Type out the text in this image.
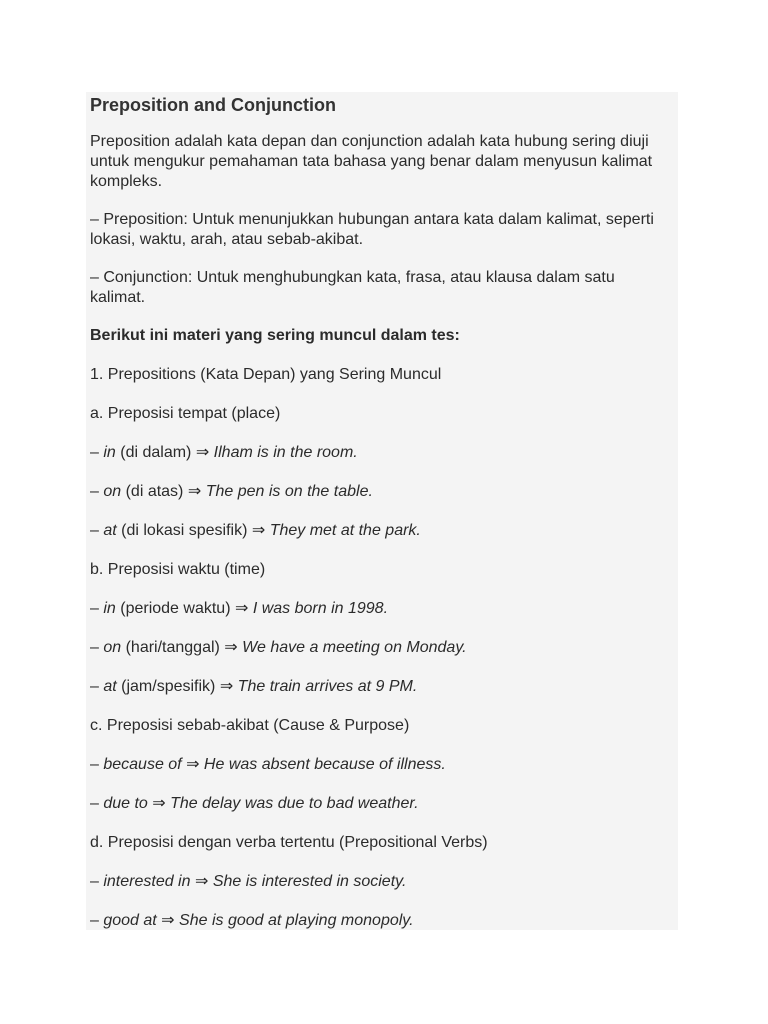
Preposition and Conjunction
Preposition adalah kata depan dan conjunction adalah kata hubung sering diuji untuk mengukur pemahaman tata bahasa yang benar dalam menyusun kalimat kompleks.
– Preposition: Untuk menunjukkan hubungan antara kata dalam kalimat, seperti lokasi, waktu, arah, atau sebab-akibat.
– Conjunction: Untuk menghubungkan kata, frasa, atau klausa dalam satu kalimat.
Berikut ini materi yang sering muncul dalam tes:
1. Prepositions (Kata Depan) yang Sering Muncul
a. Preposisi tempat (place)
– in (di dalam) ⇒ Ilham is in the room.
– on (di atas) ⇒ The pen is on the table.
– at (di lokasi spesifik) ⇒ They met at the park.
b. Preposisi waktu (time)
– in (periode waktu) ⇒ I was born in 1998.
– on (hari/tanggal) ⇒ We have a meeting on Monday.
– at (jam/spesifik) ⇒ The train arrives at 9 PM.
c. Preposisi sebab-akibat (Cause & Purpose)
– because of ⇒ He was absent because of illness.
– due to ⇒ The delay was due to bad weather.
d. Preposisi dengan verba tertentu (Prepositional Verbs)
– interested in ⇒ She is interested in society.
– good at ⇒ She is good at playing monopoly.
